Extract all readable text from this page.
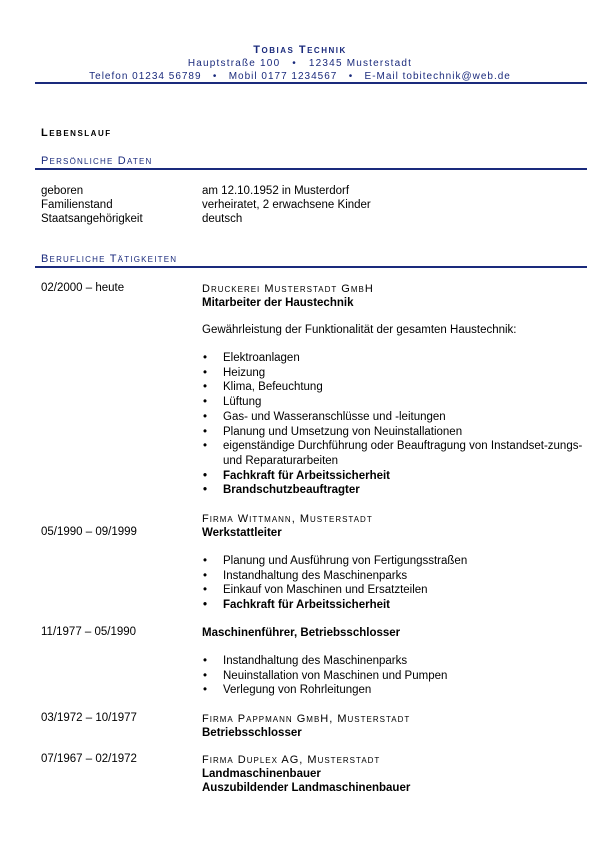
Tobias Technik
Hauptstraße 100   •   12345 Musterstadt
Telefon 01234 56789   •   Mobil 0177 1234567   •   E-Mail tobitechnik@web.de
Lebenslauf
Persönliche Daten
geboren	am 12.10.1952 in Musterdorf
Familienstand	verheiratet, 2 erwachsene Kinder
Staatsangehörigkeit	deutsch
Berufliche Tätigkeiten
02/2000 – heute	Druckerei Musterstadt GmbH
Mitarbeiter der Haustechnik
Gewährleistung der Funktionalität der gesamten Haustechnik:
• Elektroanlagen
• Heizung
• Klima, Befeuchtung
• Lüftung
• Gas- und Wasseranschlüsse und -leitungen
• Planung und Umsetzung von Neuinstallationen
• eigenständige Durchführung oder Beauftragung von Instandset-zungs- und Reparaturarbeiten
• Fachkraft für Arbeitssicherheit
• Brandschutzbeauftragter
Firma Wittmann, Musterstadt
05/1990 – 09/1999	Werkstattleiter
• Planung und Ausführung von Fertigungsstraßen
• Instandhaltung des Maschinenparks
• Einkauf von Maschinen und Ersatzteilen
• Fachkraft für Arbeitssicherheit
11/1977 – 05/1990	Maschinenführer, Betriebsschlosser
• Instandhaltung des Maschinenparks
• Neuinstallation von Maschinen und Pumpen
• Verlegung von Rohrleitungen
03/1972 – 10/1977	Firma Pappmann GmbH, Musterstadt
Betriebsschlosser
07/1967 – 02/1972	Firma Duplex AG, Musterstadt
Landmaschinenbauer
Auszubildender Landmaschinenbauer
